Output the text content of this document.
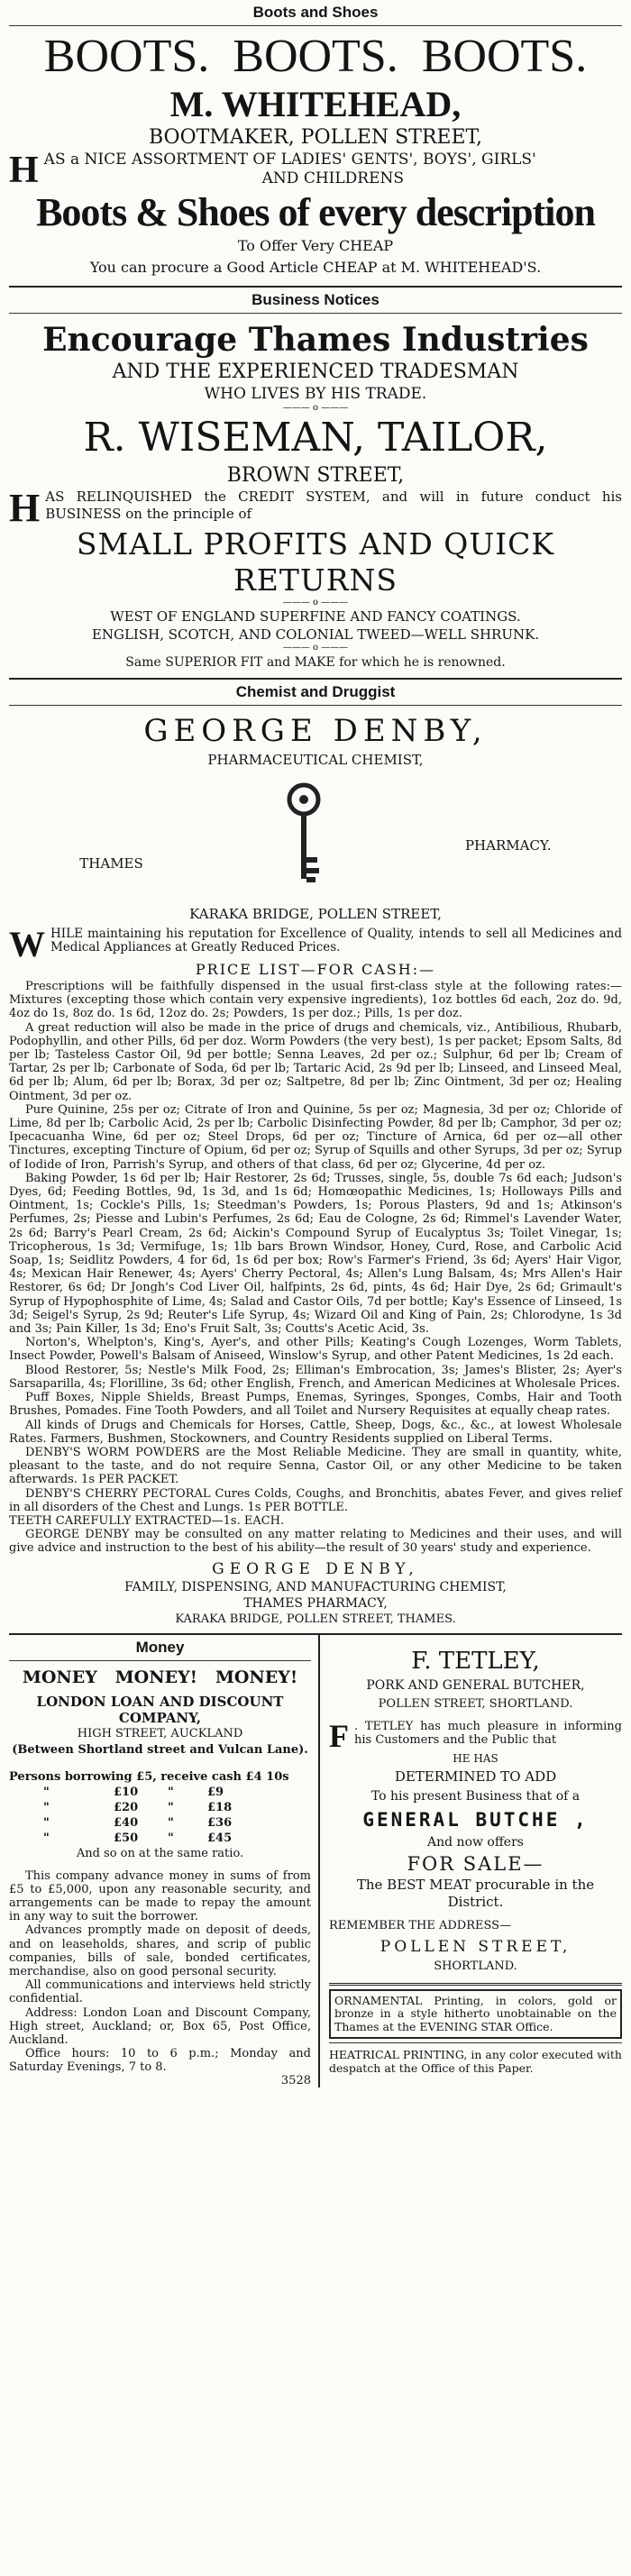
Boots and Shoes
BOOTS.  BOOTS.  BOOTS.
M. WHITEHEAD,
BOOTMAKER, POLLEN STREET,
H AS a NICE ASSORTMENT OF LADIES' GENTS', BOYS', GIRLS'
AND CHILDRENS
Boots & Shoes of every description
To Offer Very CHEAP
You can procure a Good Article CHEAP at M. WHITEHEAD'S.
Business Notices
Encourage Thames Industries
AND THE EXPERIENCED TRADESMAN
WHO LIVES BY HIS TRADE.
——— o ———
R. WISEMAN, TAILOR,
BROWN STREET,
H AS RELINQUISHED the CREDIT SYSTEM, and will in future conduct his BUSINESS on the principle of
SMALL PROFITS AND QUICK RETURNS
——— o ———
WEST OF ENGLAND SUPERFINE AND FANCY COATINGS.
ENGLISH, SCOTCH, AND COLONIAL TWEED—WELL SHRUNK.
——— o ———
Same SUPERIOR FIT and MAKE for which he is renowned.
Chemist and Druggist
GEORGE DENBY,
PHARMACEUTICAL CHEMIST,
THAMES
PHARMACY.
KARAKA BRIDGE, POLLEN STREET,
W HILE maintaining his reputation for Excellence of Quality, intends to sell all Medicines and Medical Appliances at Greatly Reduced Prices.
PRICE LIST—FOR CASH:—

Prescriptions will be faithfully dispensed in the usual first-class style at the following rates:—Mixtures (excepting those which contain very expensive ingredients), 1oz bottles 6d each, 2oz do. 9d, 4oz do 1s, 8oz do. 1s 6d, 12oz do. 2s; Powders, 1s per doz.; Pills, 1s per doz.

A great reduction will also be made in the price of drugs and chemicals, viz., Antibilious, Rhubarb, Podophyllin, and other Pills, 6d per doz. Worm Powders (the very best), 1s per packet; Epsom Salts, 8d per lb; Tasteless Castor Oil, 9d per bottle; Senna Leaves, 2d per oz.; Sulphur, 6d per lb; Cream of Tartar, 2s per lb; Carbonate of Soda, 6d per lb; Tartaric Acid, 2s 9d per lb; Linseed, and Linseed Meal, 6d per lb; Alum, 6d per lb; Borax, 3d per oz; Saltpetre, 8d per lb; Zinc Ointment, 3d per oz; Healing Ointment, 3d per oz.

Pure Quinine, 25s per oz; Citrate of Iron and Quinine, 5s per oz; Magnesia, 3d per oz; Chloride of Lime, 8d per lb; Carbolic Acid, 2s per lb; Carbolic Disinfecting Powder, 8d per lb; Camphor, 3d per oz; Ipecacuanha Wine, 6d per oz; Steel Drops, 6d per oz; Tincture of Arnica, 6d per oz—all other Tinctures, excepting Tincture of Opium, 6d per oz; Syrup of Squills and other Syrups, 3d per oz; Syrup of Iodide of Iron, Parrish's Syrup, and others of that class, 6d per oz; Glycerine, 4d per oz.

Baking Powder, 1s 6d per lb; Hair Restorer, 2s 6d; Trusses, single, 5s, double 7s 6d each; Judson's Dyes, 6d; Feeding Bottles, 9d, 1s 3d, and 1s 6d; Homœopathic Medicines, 1s; Holloways Pills and Ointment, 1s; Cockle's Pills, 1s; Steedman's Powders, 1s; Porous Plasters, 9d and 1s; Atkinson's Perfumes, 2s; Piesse and Lubin's Perfumes, 2s 6d; Eau de Cologne, 2s 6d; Rimmel's Lavender Water, 2s 6d; Barry's Pearl Cream, 2s 6d; Aickin's Compound Syrup of Eucalyptus 3s; Toilet Vinegar, 1s; Tricopherous, 1s 3d; Vermifuge, 1s; 1lb bars Brown Windsor, Honey, Curd, Rose, and Carbolic Acid Soap, 1s; Seidlitz Powders, 4 for 6d, 1s 6d per box; Row's Farmer's Friend, 3s 6d; Ayers' Hair Vigor, 4s; Mexican Hair Renewer, 4s; Ayers' Cherry Pectoral, 4s; Allen's Lung Balsam, 4s; Mrs Allen's Hair Restorer, 6s 6d; Dr Jongh's Cod Liver Oil, halfpints, 2s 6d, pints, 4s 6d; Hair Dye, 2s 6d; Grimault's Syrup of Hypophosphite of Lime, 4s; Salad and Castor Oils, 7d per bottle; Kay's Essence of Linseed, 1s 3d; Seigel's Syrup, 2s 9d; Reuter's Life Syrup, 4s; Wizard Oil and King of Pain, 2s; Chlorodyne, 1s 3d and 3s; Pain Killer, 1s 3d; Eno's Fruit Salt, 3s; Coutts's Acetic Acid, 3s.

Norton's, Whelpton's, King's, Ayer's, and other Pills; Keating's Cough Lozenges, Worm Tablets, Insect Powder, Powell's Balsam of Aniseed, Winslow's Syrup, and other Patent Medicines, 1s 2d each.

Blood Restorer, 5s; Nestle's Milk Food, 2s; Elliman's Embrocation, 3s; James's Blister, 2s; Ayer's Sarsaparilla, 4s; Florilline, 3s 6d; other English, French, and American Medicines at Wholesale Prices.

Puff Boxes, Nipple Shields, Breast Pumps, Enemas, Syringes, Sponges, Combs, Hair and Tooth Brushes, Pomades. Fine Tooth Powders, and all Toilet and Nursery Requisites at equally cheap rates.

All kinds of Drugs and Chemicals for Horses, Cattle, Sheep, Dogs, &c., &c., at lowest Wholesale Rates. Farmers, Bushmen, Stockowners, and Country Residents supplied on Liberal Terms.

DENBY'S WORM POWDERS are the Most Reliable Medicine. They are small in quantity, white, pleasant to the taste, and do not require Senna, Castor Oil, or any other Medicine to be taken afterwards. 1s PER PACKET.

DENBY'S CHERRY PECTORAL Cures Colds, Coughs, and Bronchitis, abates Fever, and gives relief in all disorders of the Chest and Lungs. 1s PER BOTTLE.

TEETH CAREFULLY EXTRACTED—1s. EACH.

GEORGE DENBY may be consulted on any matter relating to Medicines and their uses, and will give advice and instruction to the best of his ability—the result of 30 years' study and experience.

GEORGE DENBY,
FAMILY, DISPENSING, AND MANUFACTURING CHEMIST,
THAMES PHARMACY,
KARAKA BRIDGE, POLLEN STREET, THAMES.
Money
MONEY   MONEY!   MONEY!
LONDON LOAN AND DISCOUNT COMPANY,
HIGH STREET, AUCKLAND
(Between Shortland street and Vulcan Lane).
Persons borrowing £5, receive cash £4 10s
"	£10	"	£9
"	£20	"	£18
"	£40	"	£36
"	£50	"	£45
And so on at the same ratio.

This company advance money in sums of from £5 to £5,000, upon any reasonable security, and arrangements can be made to repay the amount in any way to suit the borrower.

Advances promptly made on deposit of deeds, and on leaseholds, shares, and scrip of public companies, bills of sale, bonded certificates, merchandise, also on good personal security.

All communications and interviews held strictly confidential.

Address: London Loan and Discount Company, High street, Auckland; or, Box 65, Post Office, Auckland.

Office hours: 10 to 6 p.m.; Monday and Saturday Evenings, 7 to 8.

3528
F. TETLEY,
PORK AND GENERAL BUTCHER,
POLLEN STREET, SHORTLAND.
F . TETLEY has much pleasure in informing his Customers and the Public that
HE HAS
DETERMINED TO ADD
To his present Business that of a
GENERAL BUTCHE ,
And now offers
FOR SALE—
The BEST MEAT procurable in the District.
REMEMBER THE ADDRESS—
POLLEN STREET,
SHORTLAND.

ORNAMENTAL Printing, in colors, gold or bronze in a style hitherto unobtainable on the Thames at the EVENING STAR Office.

HEATRICAL PRINTING, in any color executed with despatch at the Office of this Paper.
